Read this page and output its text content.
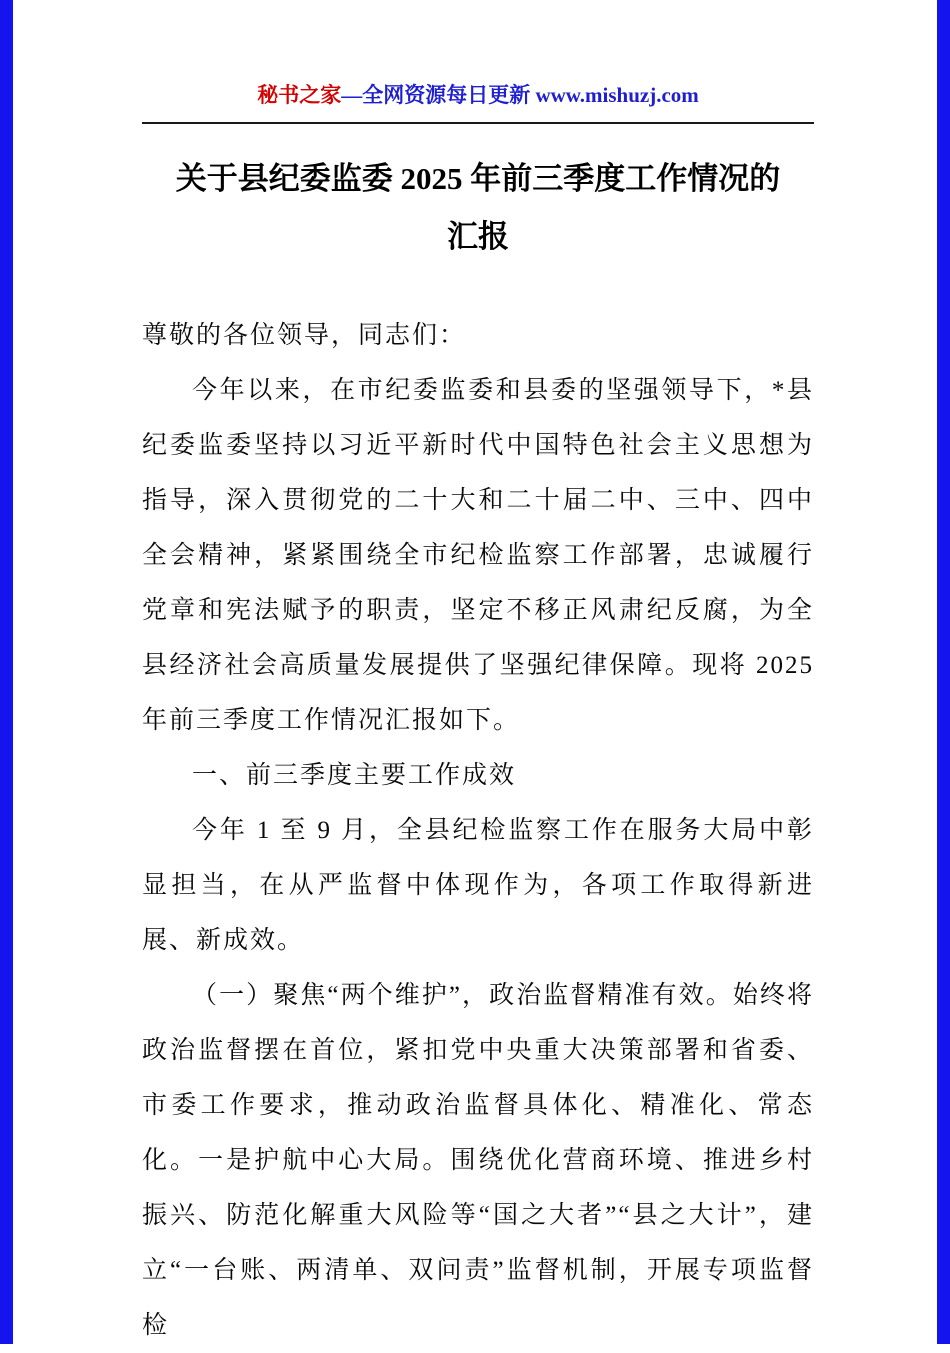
秘书之家—全网资源每日更新 www.mishuzj.com
关于县纪委监委 2025 年前三季度工作情况的
汇报

尊敬的各位领导，同志们：

今年以来，在市纪委监委和县委的坚强领导下，*县纪委监委坚持以习近平新时代中国特色社会主义思想为指导，深入贯彻党的二十大和二十届二中、三中、四中全会精神，紧紧围绕全市纪检监察工作部署，忠诚履行党章和宪法赋予的职责，坚定不移正风肃纪反腐，为全县经济社会高质量发展提供了坚强纪律保障。现将 2025 年前三季度工作情况汇报如下。

一、前三季度主要工作成效

今年 1 至 9 月，全县纪检监察工作在服务大局中彰显担当，在从严监督中体现作为，各项工作取得新进展、新成效。

（一）聚焦“两个维护”，政治监督精准有效。始终将政治监督摆在首位，紧扣党中央重大决策部署和省委、市委工作要求，推动政治监督具体化、精准化、常态化。一是护航中心大局。围绕优化营商环境、推进乡村振兴、防范化解重大风险等“国之大者”“县之大计”，建立“一台账、两清单、双问责”监督机制，开展专项监督检
